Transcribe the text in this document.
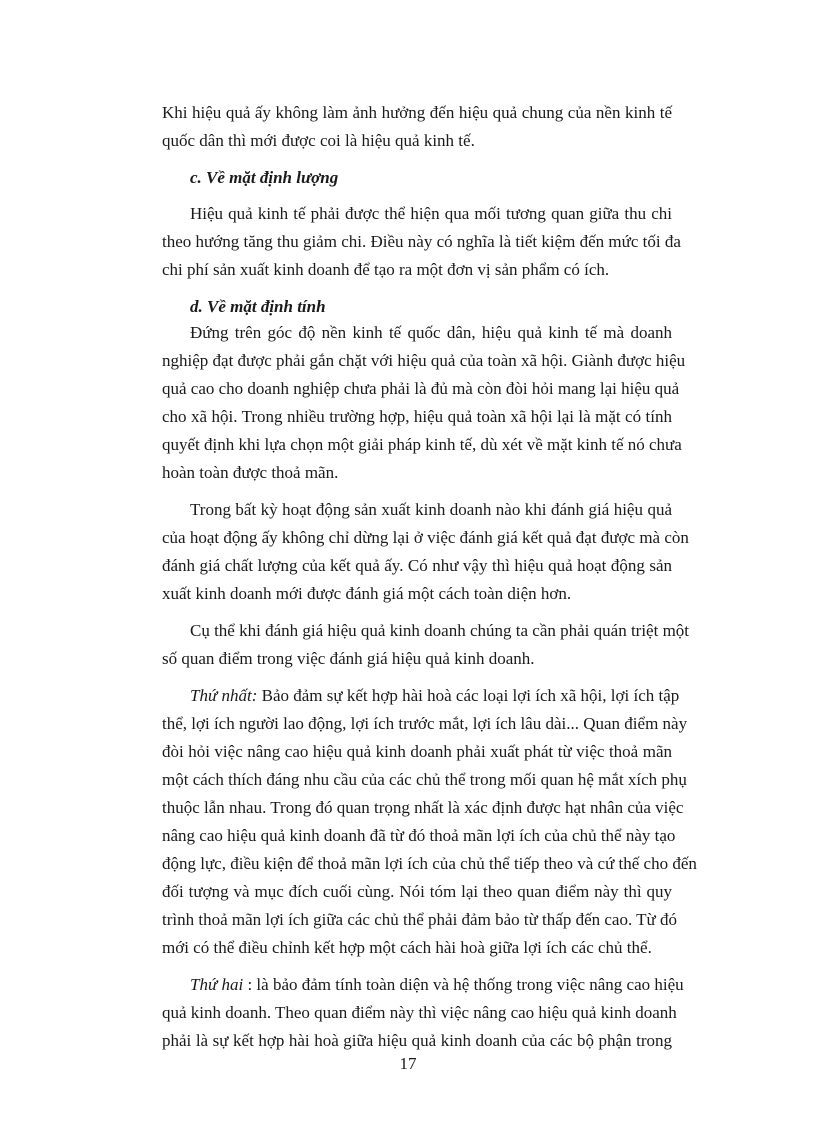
Khi hiệu quả ấy không làm ảnh hưởng đến hiệu quả chung của nền kinh tế
quốc dân thì mới được coi là hiệu quả kinh tế.
c. Về mặt định lượng
Hiệu quả kinh tế phải được thể hiện qua mối tương quan giữa thu chi
theo hướng tăng thu giảm chi. Điều này có nghĩa là tiết kiệm đến mức tối đa
chi phí sản xuất kinh doanh để tạo ra một đơn vị sản phẩm có ích.
d. Về mặt định tính
Đứng trên góc độ nền kinh tế quốc dân, hiệu quả kinh tế mà doanh
nghiệp đạt được phải gắn chặt với hiệu quả của toàn xã hội. Giành được hiệu
quả cao cho doanh nghiệp chưa phải là đủ mà còn đòi hỏi mang lại hiệu quả
cho xã hội. Trong nhiều trường hợp, hiệu quả toàn xã hội lại là mặt có tính
quyết định khi lựa chọn một giải pháp kinh tế, dù xét về mặt kinh tế nó chưa
hoàn toàn được thoả mãn.
Trong bất kỳ hoạt động sản xuất kinh doanh nào khi đánh giá hiệu quả
của hoạt động ấy không chỉ dừng lại ở việc đánh giá kết quả đạt được mà còn
đánh giá chất lượng của kết quả ấy. Có như vậy thì hiệu quả hoạt động sản
xuất kinh doanh mới được đánh giá một cách toàn diện hơn.
Cụ thể khi đánh giá hiệu quả kinh doanh chúng ta cần phải quán triệt một
số quan điểm trong việc đánh giá hiệu quả kinh doanh.
Thứ nhất: Bảo đảm sự kết hợp hài hoà các loại lợi ích xã hội, lợi ích tập
thể, lợi ích người lao động, lợi ích trước mắt, lợi ích lâu dài... Quan điểm này
đòi hỏi việc nâng cao hiệu quả kinh doanh phải xuất phát từ việc thoả mãn
một cách thích đáng nhu cầu của các chủ thể trong mối quan hệ mắt xích phụ
thuộc lẫn nhau. Trong đó quan trọng nhất là xác định được hạt nhân của việc
nâng cao hiệu quả kinh doanh đã từ đó thoả mãn lợi ích của chủ thể này tạo
động lực, điều kiện để thoả mãn lợi ích của chủ thể tiếp theo và cứ thế cho đến
đối tượng và mục đích cuối cùng. Nói tóm lại theo quan điểm này thì quy
trình thoả mãn lợi ích giữa các chủ thể phải đảm bảo từ thấp đến cao. Từ đó
mới có thể điều chỉnh kết hợp một cách hài hoà giữa lợi ích các chủ thể.
Thứ hai : là bảo đảm tính toàn diện và hệ thống trong việc nâng cao hiệu
quả kinh doanh. Theo quan điểm này thì việc nâng cao hiệu quả kinh doanh
phải là sự kết hợp hài hoà giữa hiệu quả kinh doanh của các bộ phận trong
17
